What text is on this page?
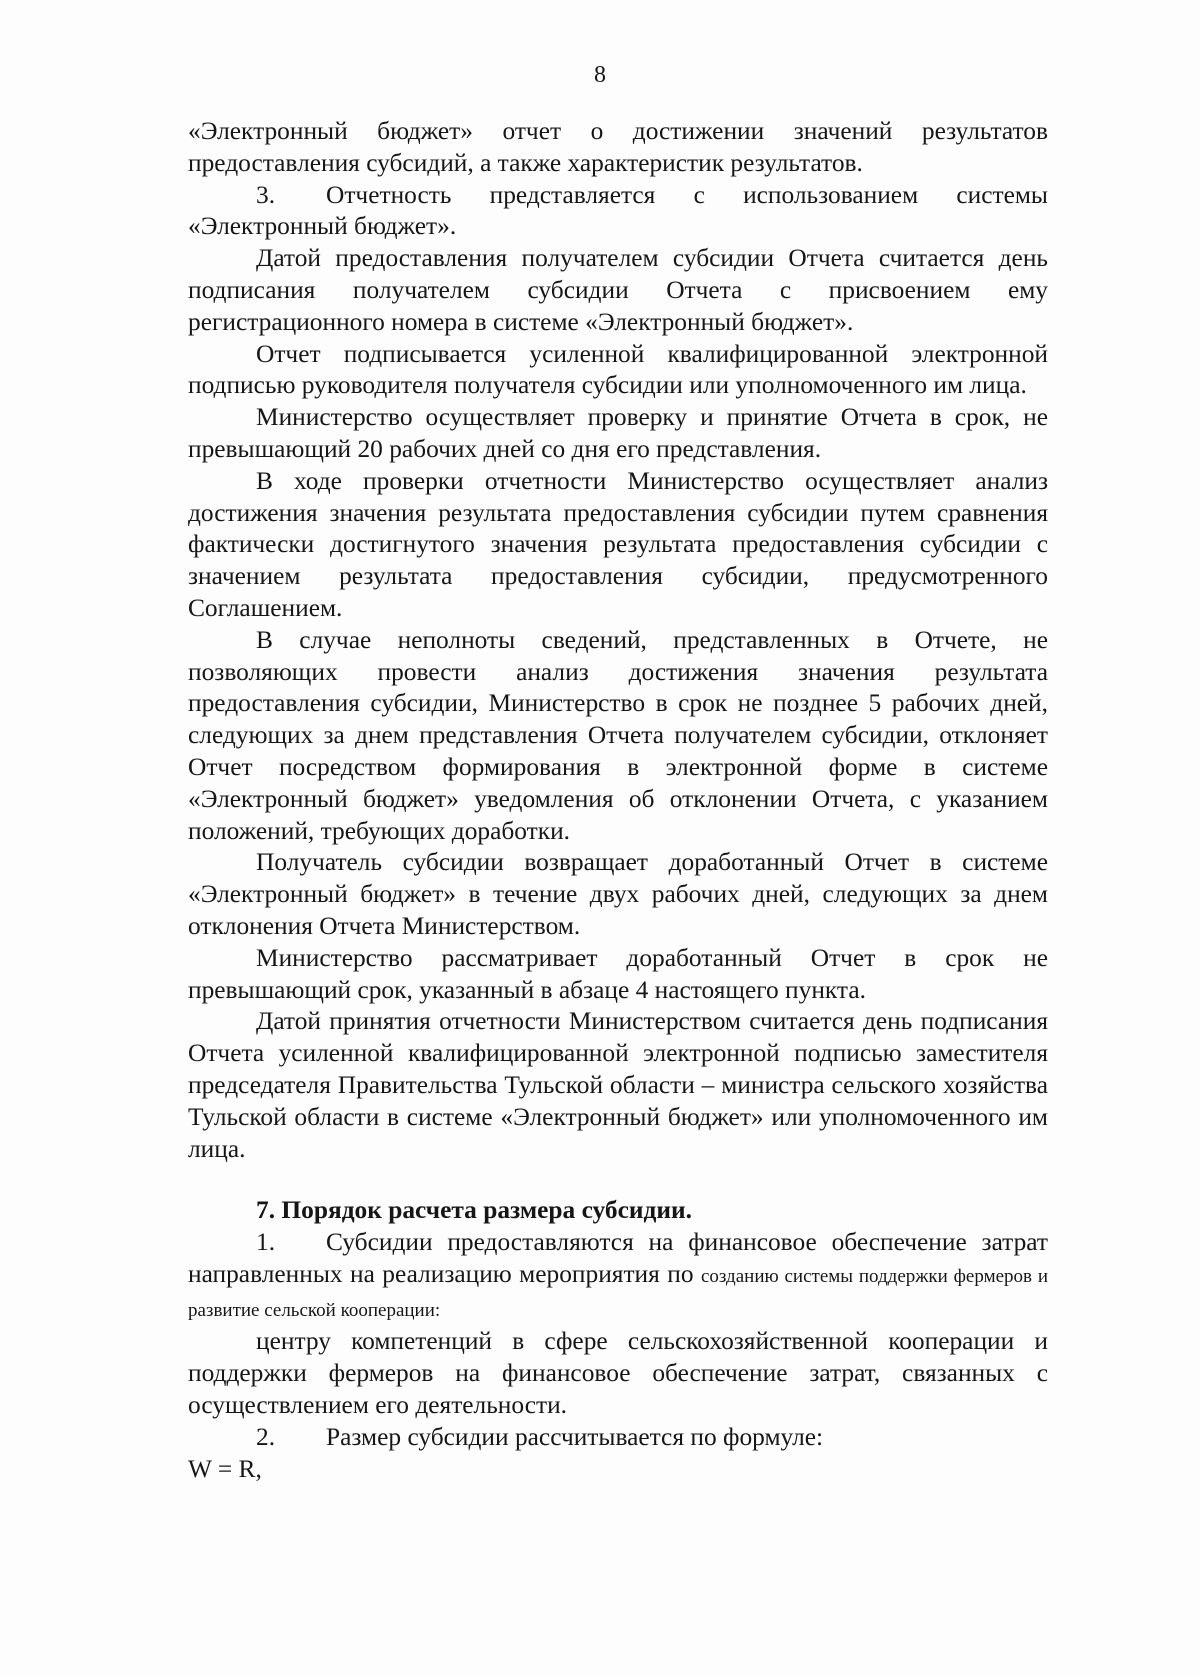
8

«Электронный бюджет» отчет о достижении значений результатов предоставления субсидий, а также характеристик результатов.

3. Отчетность представляется с использованием системы «Электронный бюджет».

Датой предоставления получателем субсидии Отчета считается день подписания получателем субсидии Отчета с присвоением ему регистрационного номера в системе «Электронный бюджет».

Отчет подписывается усиленной квалифицированной электронной подписью руководителя получателя субсидии или уполномоченного им лица.

Министерство осуществляет проверку и принятие Отчета в срок, не превышающий 20 рабочих дней со дня его представления.

В ходе проверки отчетности Министерство осуществляет анализ достижения значения результата предоставления субсидии путем сравнения фактически достигнутого значения результата предоставления субсидии с значением результата предоставления субсидии, предусмотренного Соглашением.

В случае неполноты сведений, представленных в Отчете, не позволяющих провести анализ достижения значения результата предоставления субсидии, Министерство в срок не позднее 5 рабочих дней, следующих за днем представления Отчета получателем субсидии, отклоняет Отчет посредством формирования в электронной форме в системе «Электронный бюджет» уведомления об отклонении Отчета, с указанием положений, требующих доработки.

Получатель субсидии возвращает доработанный Отчет в системе «Электронный бюджет» в течение двух рабочих дней, следующих за днем отклонения Отчета Министерством.

Министерство рассматривает доработанный Отчет в срок не превышающий срок, указанный в абзаце 4 настоящего пункта.

Датой принятия отчетности Министерством считается день подписания Отчета усиленной квалифицированной электронной подписью заместителя председателя Правительства Тульской области – министра сельского хозяйства Тульской области в системе «Электронный бюджет» или уполномоченного им лица.

7. Порядок расчета размера субсидии.

1. Субсидии предоставляются на финансовое обеспечение затрат направленных на реализацию мероприятия по созданию системы поддержки фермеров и развитие сельской кооперации:

центру компетенций в сфере сельскохозяйственной кооперации и поддержки фермеров на финансовое обеспечение затрат, связанных с осуществлением его деятельности.

2. Размер субсидии рассчитывается по формуле:

W = R,
